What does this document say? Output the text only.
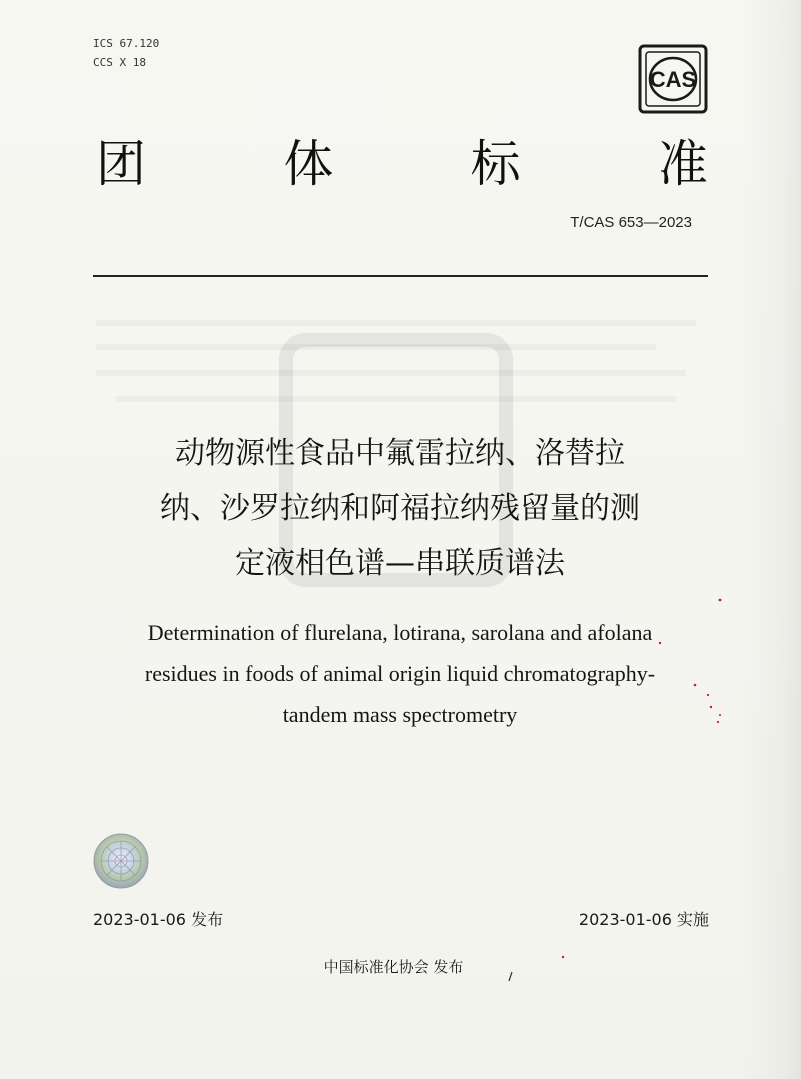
ICS 67.120
CCS X 18
CAS
团	体	标	准
T/CAS 653—2023
动物源性食品中氟雷拉纳、洛替拉
纳、沙罗拉纳和阿福拉纳残留量的测
定液相色谱—串联质谱法
Determination of flurelana, lotirana, sarolana and afolana
residues in foods of animal origin liquid chromatography-
tandem mass spectrometry
2023-01-06 发布	2023-01-06 实施
中国标准化协会 发布
